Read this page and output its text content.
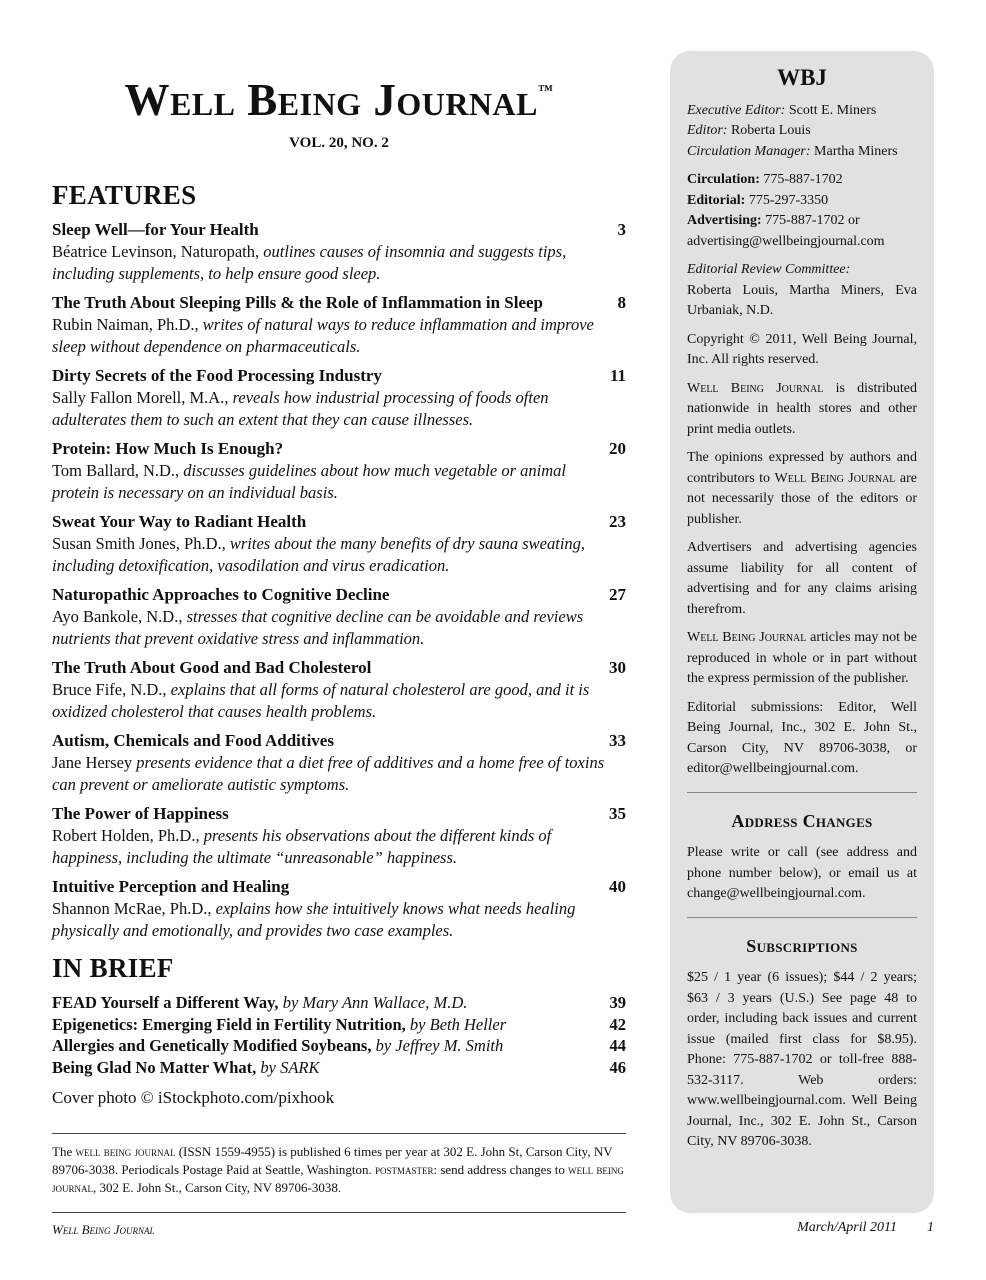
Well Being Journal™
VOL. 20, NO. 2
FEATURES
Sleep Well—for Your Health	3
Béatrice Levinson, Naturopath, outlines causes of insomnia and suggests tips, including supplements, to help ensure good sleep.
The Truth About Sleeping Pills & the Role of Inflammation in Sleep	8
Rubin Naiman, Ph.D., writes of natural ways to reduce inflammation and improve sleep without dependence on pharmaceuticals.
Dirty Secrets of the Food Processing Industry	11
Sally Fallon Morell, M.A., reveals how industrial processing of foods often adulterates them to such an extent that they can cause illnesses.
Protein: How Much Is Enough?	20
Tom Ballard, N.D., discusses guidelines about how much vegetable or animal protein is necessary on an individual basis.
Sweat Your Way to Radiant Health	23
Susan Smith Jones, Ph.D., writes about the many benefits of dry sauna sweating, including detoxification, vasodilation and virus eradication.
Naturopathic Approaches to Cognitive Decline	27
Ayo Bankole, N.D., stresses that cognitive decline can be avoidable and reviews nutrients that prevent oxidative stress and inflammation.
The Truth About Good and Bad Cholesterol	30
Bruce Fife, N.D., explains that all forms of natural cholesterol are good, and it is oxidized cholesterol that causes health problems.
Autism, Chemicals and Food Additives	33
Jane Hersey presents evidence that a diet free of additives and a home free of toxins can prevent or ameliorate autistic symptoms.
The Power of Happiness	35
Robert Holden, Ph.D., presents his observations about the different kinds of happiness, including the ultimate “unreasonable” happiness.
Intuitive Perception and Healing	40
Shannon McRae, Ph.D., explains how she intuitively knows what needs healing physically and emotionally, and provides two case examples.
IN BRIEF
FEAD Yourself a Different Way, by Mary Ann Wallace, M.D.	39
Epigenetics: Emerging Field in Fertility Nutrition, by Beth Heller	42
Allergies and Genetically Modified Soybeans, by Jeffrey M. Smith	44
Being Glad No Matter What, by SARK	46
Cover photo © iStockphoto.com/pixhook
The well being journal (ISSN 1559-4955) is published 6 times per year at 302 E. John St, Carson City, NV 89706-3038. Periodicals Postage Paid at Seattle, Washington. postmaster: send address changes to well being journal, 302 E. John St., Carson City, NV 89706-3038.
Well Being Journal	March/April 2011 1
WBJ
Executive Editor: Scott E. Miners
Editor: Roberta Louis
Circulation Manager: Martha Miners
Circulation: 775-887-1702
Editorial: 775-297-3350
Advertising: 775-887-1702 or advertising@wellbeingjournal.com
Editorial Review Committee:
Roberta Louis, Martha Miners, Eva Urbaniak, N.D.
Copyright © 2011, Well Being Journal, Inc. All rights reserved.
Well Being Journal is distributed nationwide in health stores and other print media outlets.
The opinions expressed by authors and contributors to Well Being Journal are not necessarily those of the editors or publisher.
Advertisers and advertising agencies assume liability for all content of advertising and for any claims arising therefrom.
Well Being Journal articles may not be reproduced in whole or in part without the express permission of the publisher.
Editorial submissions: Editor, Well Being Journal, Inc., 302 E. John St., Carson City, NV 89706-3038, or editor@wellbeingjournal.com.
Address Changes
Please write or call (see address and phone number below), or email us at change@wellbeingjournal.com.
Subscriptions
$25 / 1 year (6 issues); $44 / 2 years; $63 / 3 years (U.S.) See page 48 to order, including back issues and current issue (mailed first class for $8.95). Phone: 775-887-1702 or toll-free 888-532-3117. Web orders: www.wellbeingjournal.com. Well Being Journal, Inc., 302 E. John St., Carson City, NV 89706-3038.
